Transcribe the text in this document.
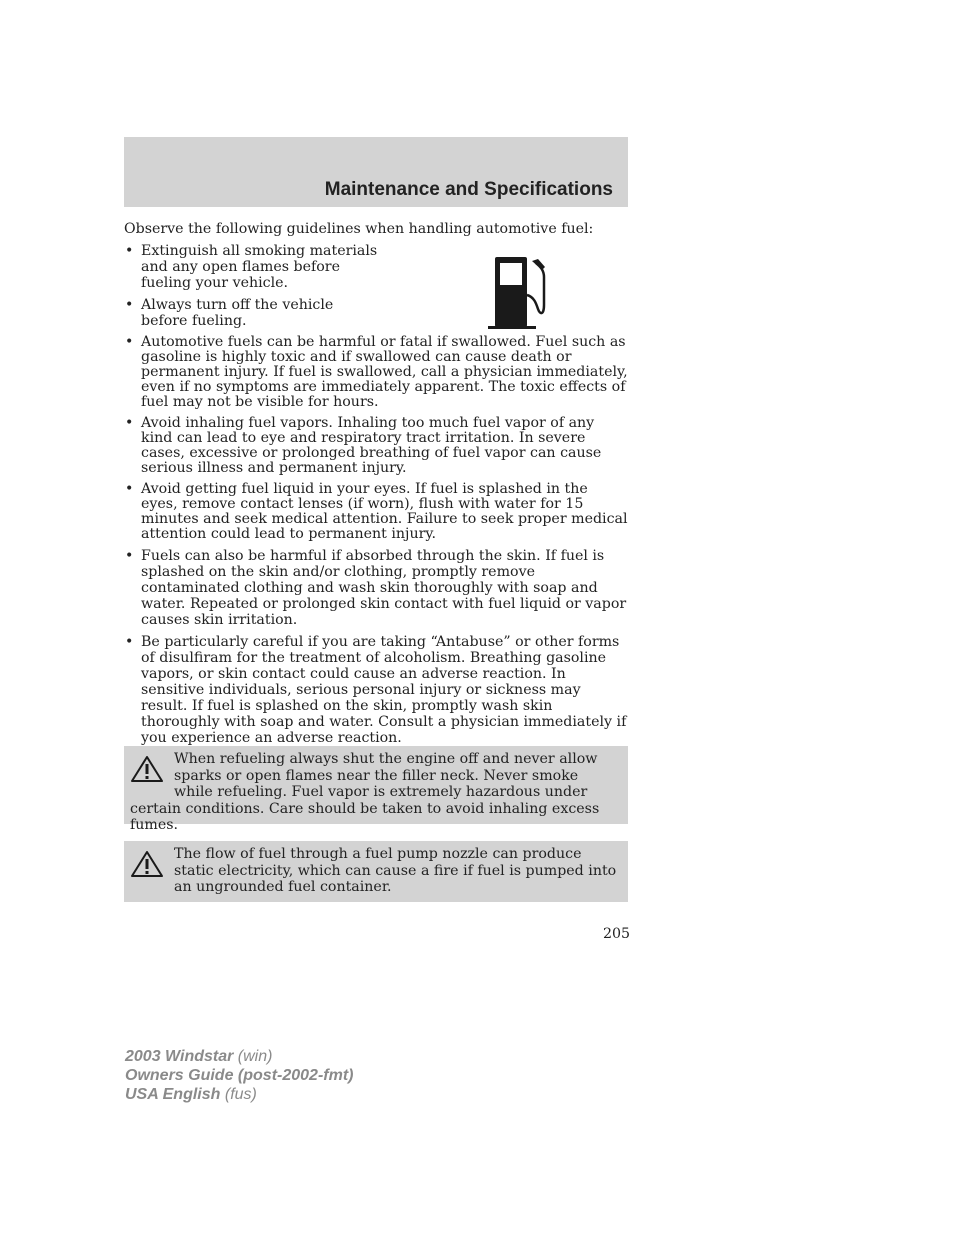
Maintenance and Specifications

Observe the following guidelines when handling automotive fuel:

• Extinguish all smoking materials and any open flames before fueling your vehicle.
• Always turn off the vehicle before fueling.
• Automotive fuels can be harmful or fatal if swallowed. Fuel such as gasoline is highly toxic and if swallowed can cause death or permanent injury. If fuel is swallowed, call a physician immediately, even if no symptoms are immediately apparent. The toxic effects of fuel may not be visible for hours.
• Avoid inhaling fuel vapors. Inhaling too much fuel vapor of any kind can lead to eye and respiratory tract irritation. In severe cases, excessive or prolonged breathing of fuel vapor can cause serious illness and permanent injury.
• Avoid getting fuel liquid in your eyes. If fuel is splashed in the eyes, remove contact lenses (if worn), flush with water for 15 minutes and seek medical attention. Failure to seek proper medical attention could lead to permanent injury.
• Fuels can also be harmful if absorbed through the skin. If fuel is splashed on the skin and/or clothing, promptly remove contaminated clothing and wash skin thoroughly with soap and water. Repeated or prolonged skin contact with fuel liquid or vapor causes skin irritation.
• Be particularly careful if you are taking “Antabuse” or other forms of disulfiram for the treatment of alcoholism. Breathing gasoline vapors, or skin contact could cause an adverse reaction. In sensitive individuals, serious personal injury or sickness may result. If fuel is splashed on the skin, promptly wash skin thoroughly with soap and water. Consult a physician immediately if you experience an adverse reaction.
When refueling always shut the engine off and never allow sparks or open flames near the filler neck. Never smoke while refueling. Fuel vapor is extremely hazardous under certain conditions. Care should be taken to avoid inhaling excess fumes.
The flow of fuel through a fuel pump nozzle can produce static electricity, which can cause a fire if fuel is pumped into an ungrounded fuel container.
205
2003 Windstar (win)
Owners Guide (post-2002-fmt)
USA English (fus)
